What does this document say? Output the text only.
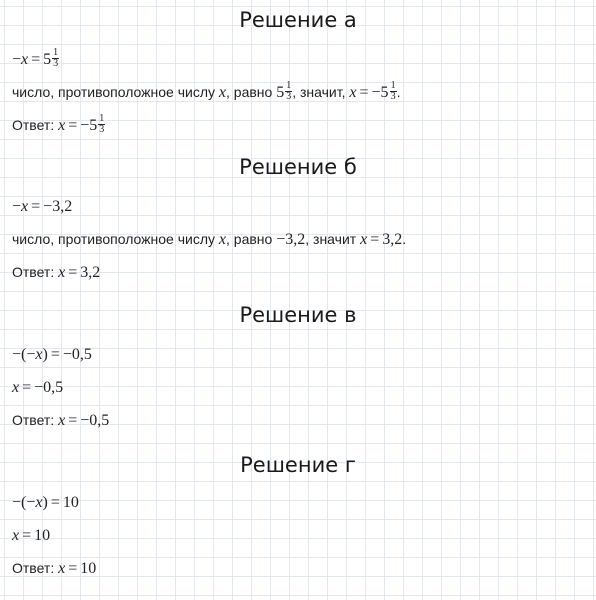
Решение а
$-x = 5 \frac{1}{3}$
число, противоположное числу x, равно $5 \frac{1}{3}$ , значит, $x = -5 \frac{1}{3}$ .
Ответ: $x = -5 \frac{1}{3}$
Решение б
−x = −3,2
число, противоположное числу x, равно −3,2, значит x = 3,2.
Ответ: x = 3,2
Решение в
−(−x) = −0,5
x = −0,5
Ответ: x = −0,5
Решение г
−(−x) = 10
x = 10
Ответ: x = 10
